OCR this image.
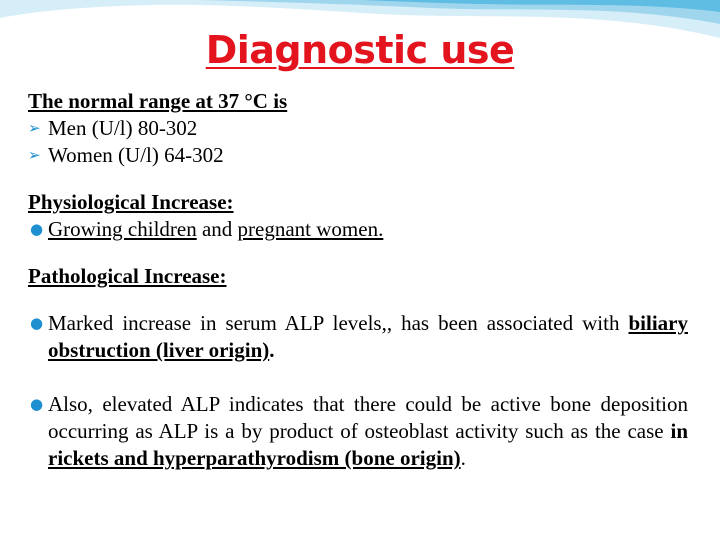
Diagnostic use
The normal range at 37 °C is
➢ Men (U/l) 80-302
➢ Women (U/l) 64-302
Physiological Increase:
● Growing children and pregnant women.
Pathological Increase:
● Marked increase in serum ALP levels,, has been associated with biliary obstruction (liver origin).
● Also, elevated ALP indicates that there could be active bone deposition occurring as ALP is a by product of osteoblast activity such as the case in rickets and hyperparathyrodism (bone origin).
